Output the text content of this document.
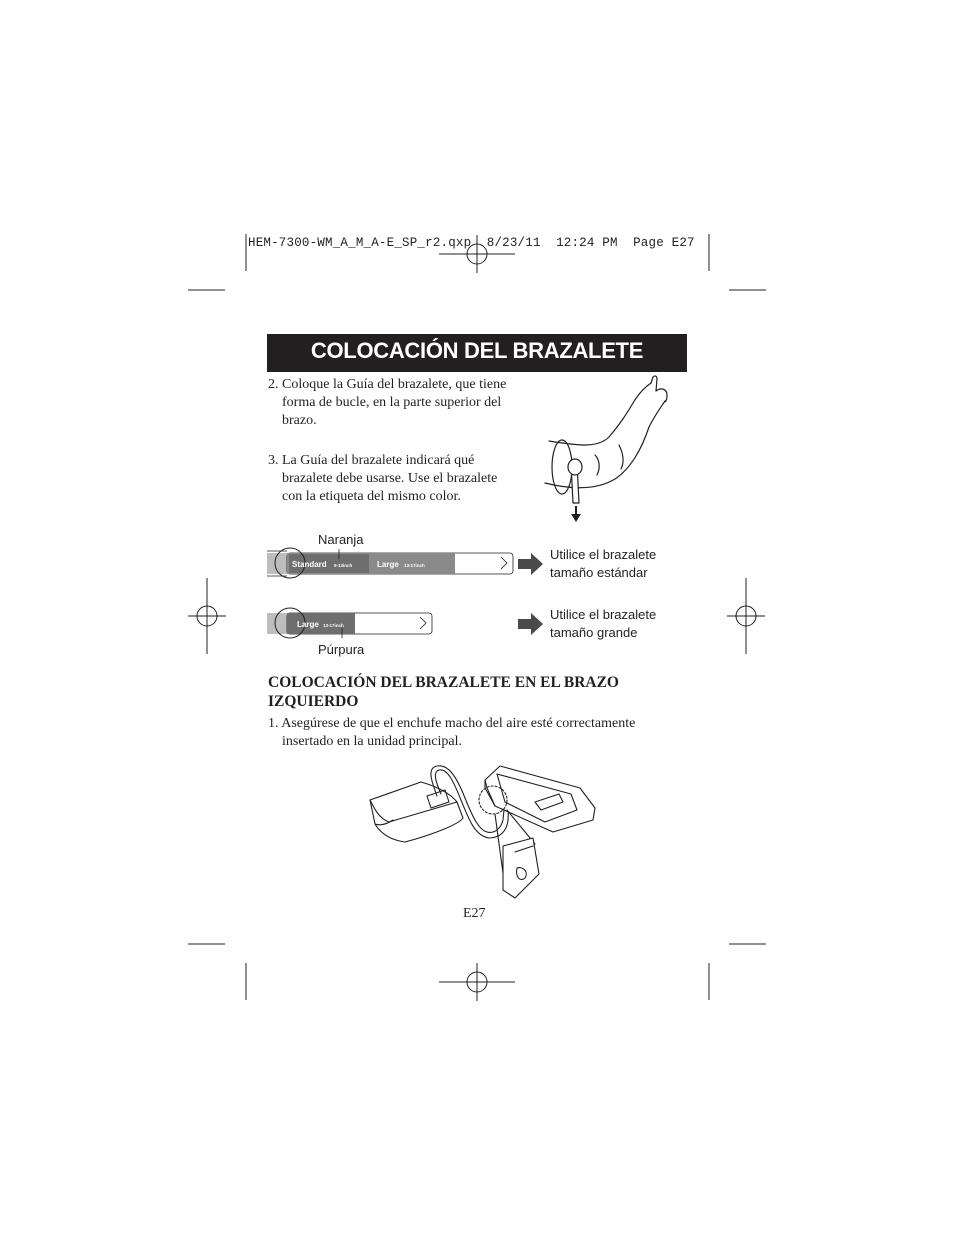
HEM-7300-WM_A_M_A-E_SP_r2.qxp 8/23/11 12:24 PM Page E27
COLOCACIÓN DEL BRAZALETE

2. Coloque la Guía del brazalete, que tiene

forma de bucle, en la parte superior del

brazo.

3. La Guía del brazalete indicará qué

brazalete debe usarse. Use el brazalete

con la etiqueta del mismo color.

Naranja
Standard 9-13inch	Large 13-17inch
Utilice el brazalete
tamaño estándar
Large 13-17inch
Utilice el brazalete
tamaño grande
Púrpura
COLOCACIÓN DEL BRAZALETE EN EL BRAZO IZQUIERDO

1. Asegúrese de que el enchufe macho del aire esté correctamente

insertado en la unidad principal.

E27
